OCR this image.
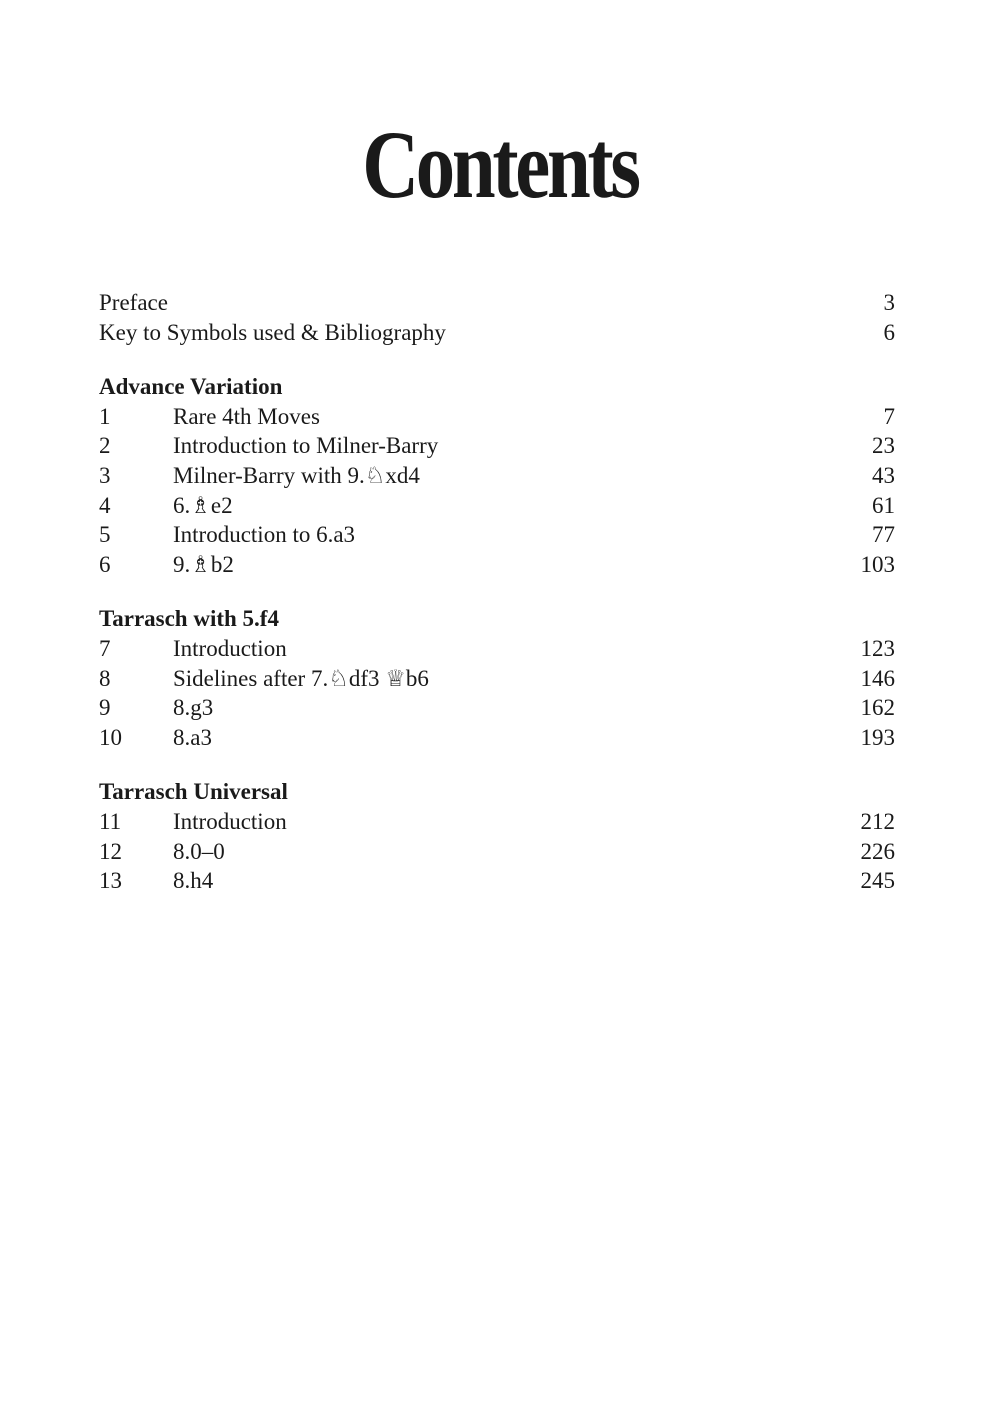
Contents
Preface	3
Key to Symbols used & Bibliography	6
Advance Variation
1	Rare 4th Moves	7
2	Introduction to Milner-Barry	23
3	Milner-Barry with 9.♘xd4	43
4	6.♗e2	61
5	Introduction to 6.a3	77
6	9.♗b2	103
Tarrasch with 5.f4
7	Introduction	123
8	Sidelines after 7.♘df3 ♕b6	146
9	8.g3	162
10	8.a3	193
Tarrasch Universal
11	Introduction	212
12	8.0–0	226
13	8.h4	245
